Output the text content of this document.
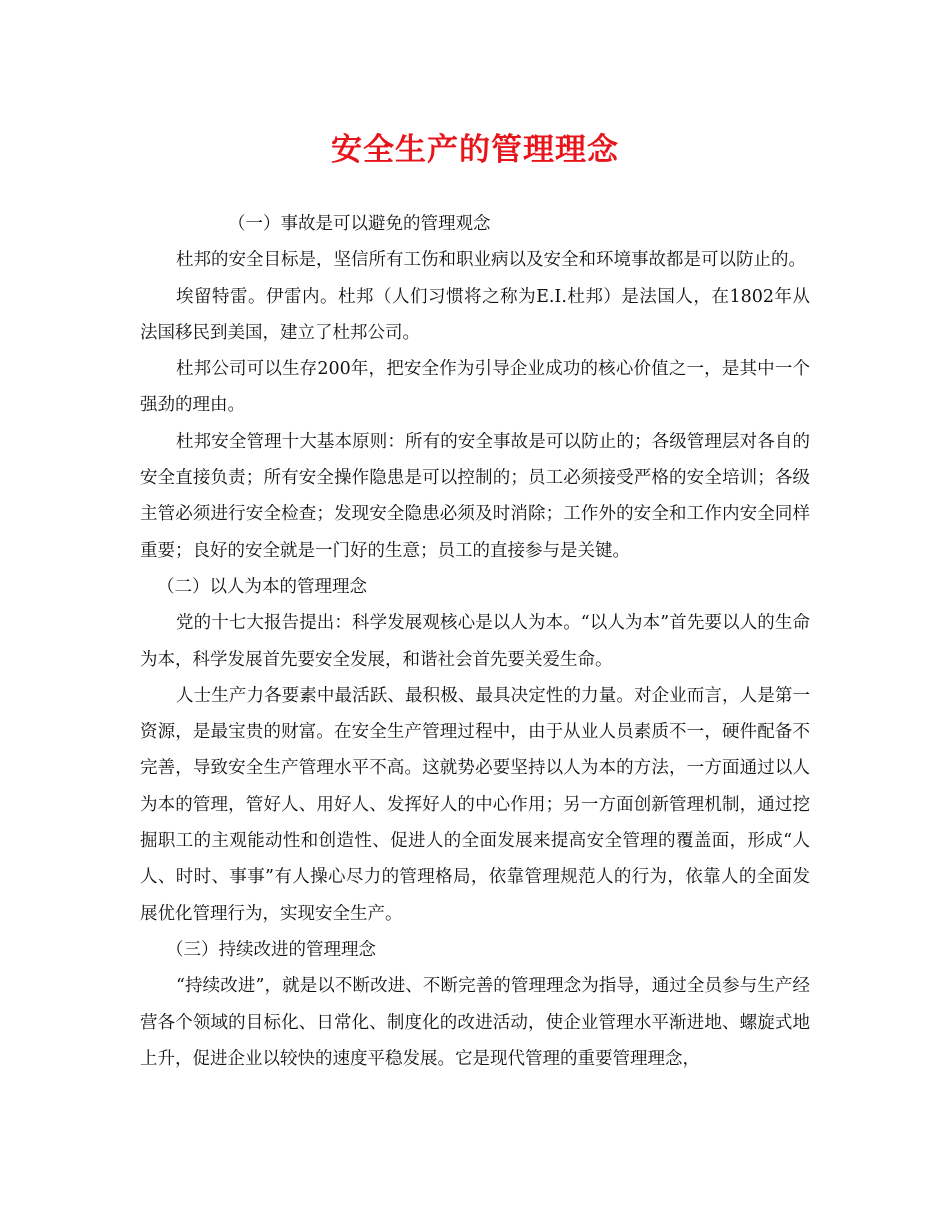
安全生产的管理理念

（一）事故是可以避免的管理观念

杜邦的安全目标是，坚信所有工伤和职业病以及安全和环境事故都是可以防止的。

埃留特雷。伊雷内。杜邦（人们习惯将之称为E.I.杜邦）是法国人，在1802年从法国移民到美国，建立了杜邦公司。

杜邦公司可以生存200年，把安全作为引导企业成功的核心价值之一，是其中一个强劲的理由。

杜邦安全管理十大基本原则：所有的安全事故是可以防止的；各级管理层对各自的安全直接负责；所有安全操作隐患是可以控制的；员工必须接受严格的安全培训；各级主管必须进行安全检查；发现安全隐患必须及时消除；工作外的安全和工作内安全同样重要；良好的安全就是一门好的生意；员工的直接参与是关键。

（二）以人为本的管理理念

党的十七大报告提出：科学发展观核心是以人为本。“以人为本”首先要以人的生命为本，科学发展首先要安全发展，和谐社会首先要关爱生命。

人士生产力各要素中最活跃、最积极、最具决定性的力量。对企业而言，人是第一资源，是最宝贵的财富。在安全生产管理过程中，由于从业人员素质不一，硬件配备不完善，导致安全生产管理水平不高。这就势必要坚持以人为本的方法，一方面通过以人为本的管理，管好人、用好人、发挥好人的中心作用；另一方面创新管理机制，通过挖掘职工的主观能动性和创造性、促进人的全面发展来提高安全管理的覆盖面，形成“人人、时时、事事”有人操心尽力的管理格局，依靠管理规范人的行为，依靠人的全面发展优化管理行为，实现安全生产。

（三）持续改进的管理理念

“持续改进”，就是以不断改进、不断完善的管理理念为指导，通过全员参与生产经营各个领域的目标化、日常化、制度化的改进活动，使企业管理水平渐进地、螺旋式地上升，促进企业以较快的速度平稳发展。它是现代管理的重要管理理念，
